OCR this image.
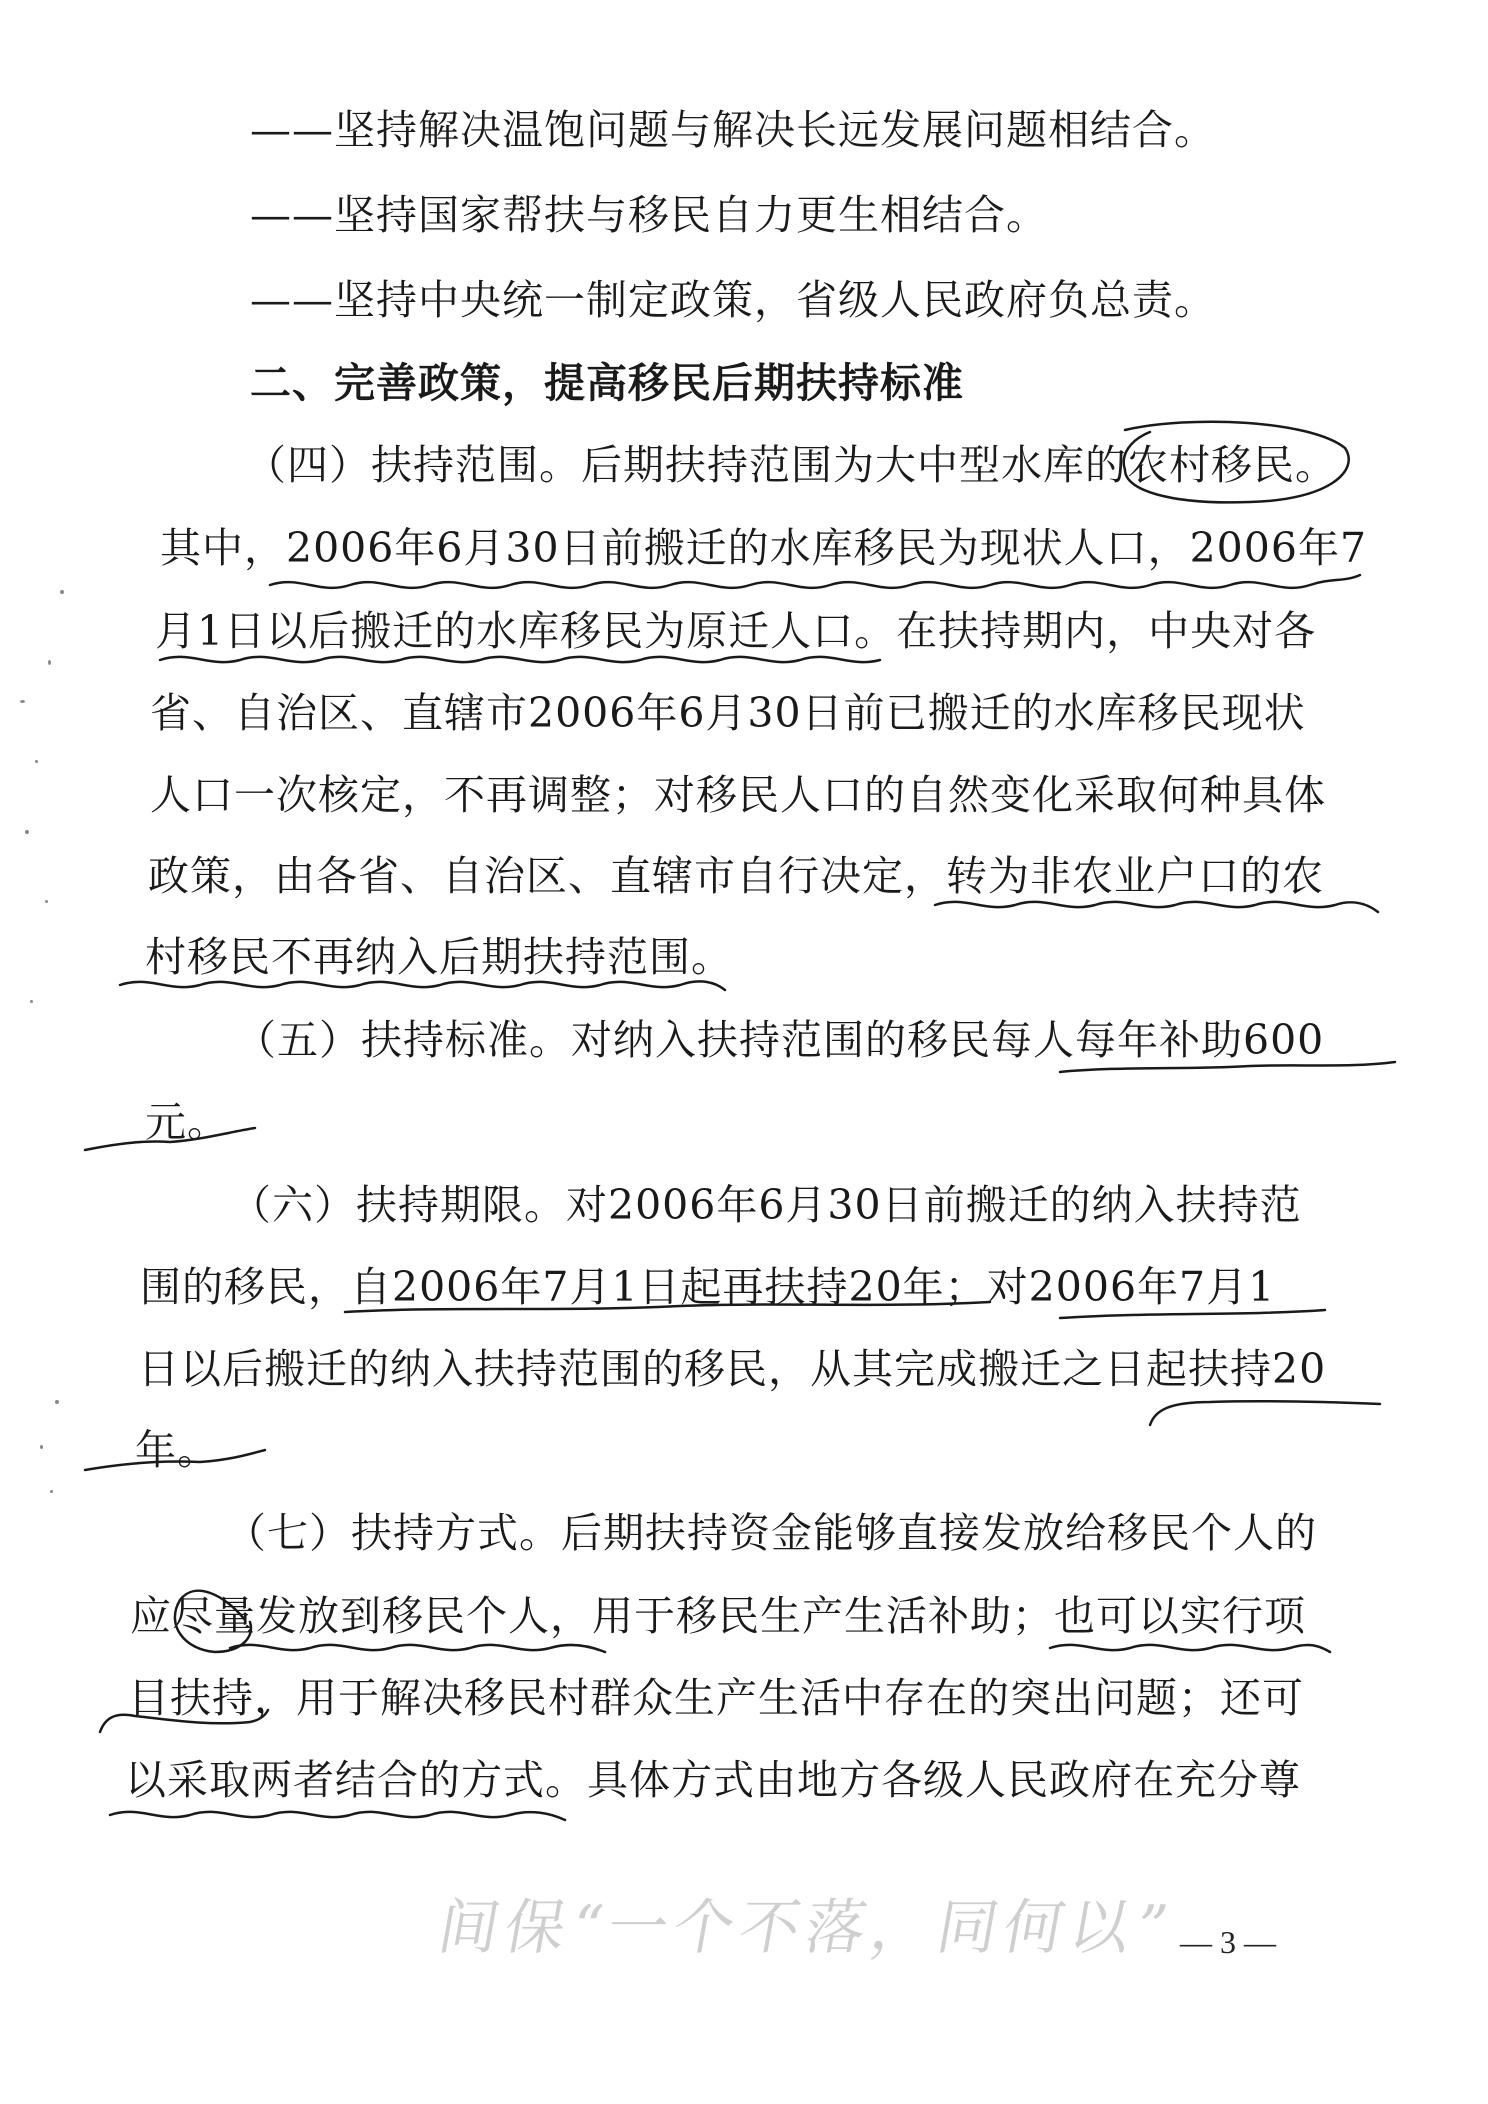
——坚持解决温饱问题与解决长远发展问题相结合。
——坚持国家帮扶与移民自力更生相结合。
——坚持中央统一制定政策，省级人民政府负总责。
二、完善政策，提高移民后期扶持标准
（四）扶持范围。后期扶持范围为大中型水库的农村移民。
其中，2006年6月30日前搬迁的水库移民为现状人口，2006年7
月1日以后搬迁的水库移民为原迁人口。在扶持期内，中央对各
省、自治区、直辖市2006年6月30日前已搬迁的水库移民现状
人口一次核定，不再调整；对移民人口的自然变化采取何种具体
政策，由各省、自治区、直辖市自行决定，转为非农业户口的农
村移民不再纳入后期扶持范围。
（五）扶持标准。对纳入扶持范围的移民每人每年补助600
元。
（六）扶持期限。对2006年6月30日前搬迁的纳入扶持范
围的移民，自2006年7月1日起再扶持20年；对2006年7月1
日以后搬迁的纳入扶持范围的移民，从其完成搬迁之日起扶持20
年。
（七）扶持方式。后期扶持资金能够直接发放给移民个人的
应尽量发放到移民个人，用于移民生产生活补助；也可以实行项
目扶持，用于解决移民村群众生产生活中存在的突出问题；还可
以采取两者结合的方式。具体方式由地方各级人民政府在充分尊
间保“一个不落，同何以” — 3 —
